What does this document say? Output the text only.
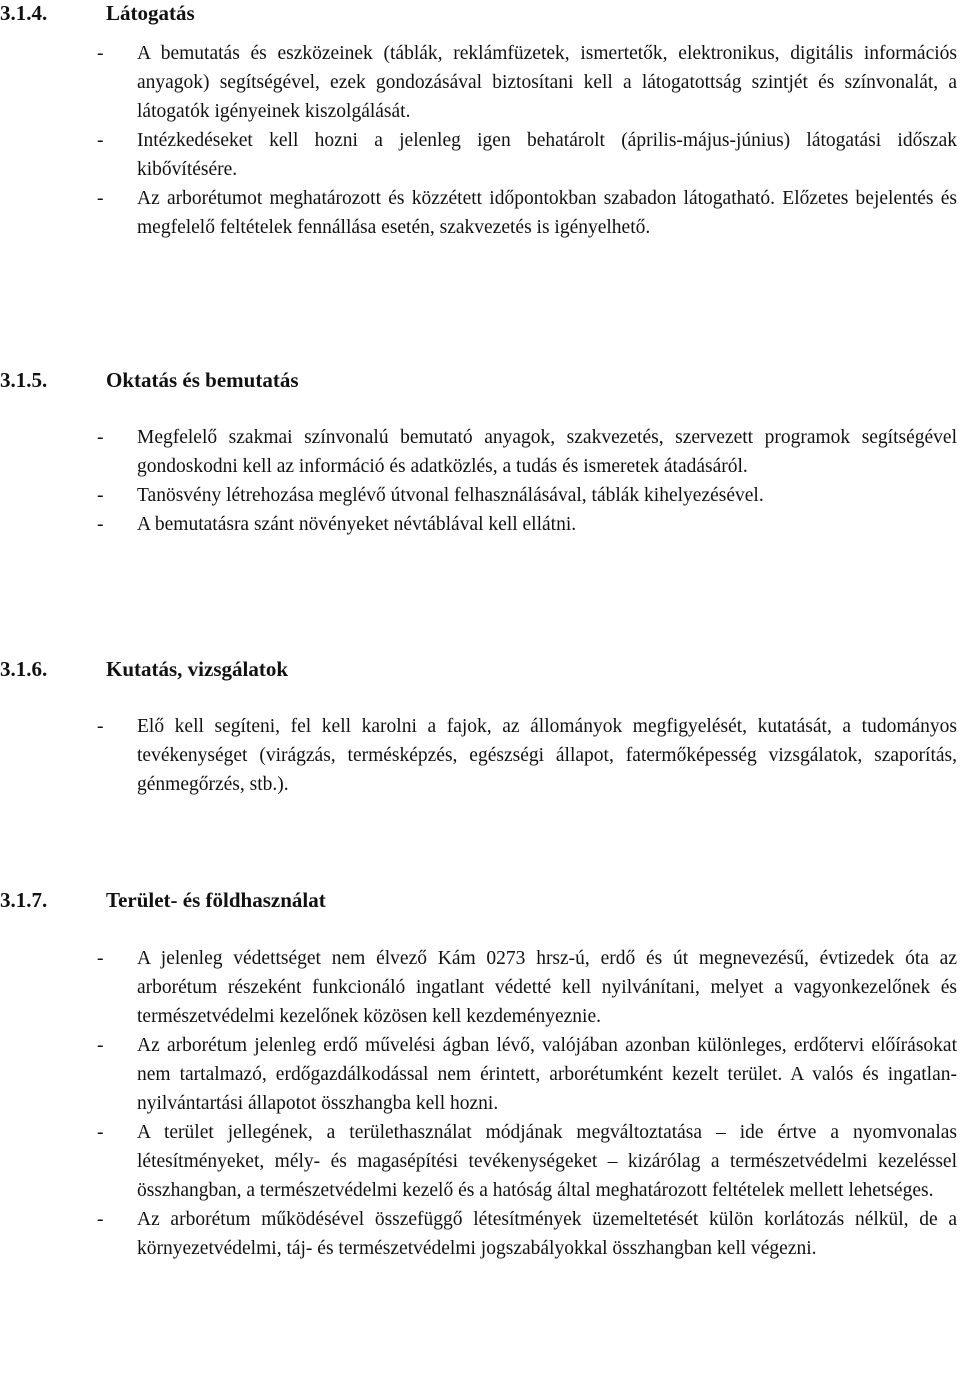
3.1.4.	Látogatás
- A bemutatás és eszközeinek (táblák, reklámfüzetek, ismertetők, elektronikus, digitális információs anyagok) segítségével, ezek gondozásával biztosítani kell a látogatottság szintjét és színvonalát, a látogatók igényeinek kiszolgálását.
- Intézkedéseket kell hozni a jelenleg igen behatárolt (április-május-június) látogatási időszak kibővítésére.
- Az arborétumot meghatározott és közzétett időpontokban szabadon látogatható. Előzetes bejelentés és megfelelő feltételek fennállása esetén, szakvezetés is igényelhető.
3.1.5.	Oktatás és bemutatás
- Megfelelő szakmai színvonalú bemutató anyagok, szakvezetés, szervezett programok segítségével gondoskodni kell az információ és adatközlés, a tudás és ismeretek átadásáról.
- Tanösvény létrehozása meglévő útvonal felhasználásával, táblák kihelyezésével.
- A bemutatásra szánt növényeket névtáblával kell ellátni.
3.1.6.	Kutatás, vizsgálatok
- Elő kell segíteni, fel kell karolni a fajok, az állományok megfigyelését, kutatását, a tudományos tevékenységet (virágzás, termésképzés, egészségi állapot, fatermőképesség vizsgálatok, szaporítás, génmegőrzés, stb.).
3.1.7.	Terület- és földhasználat
- A jelenleg védettséget nem élvező Kám 0273 hrsz-ú, erdő és út megnevezésű, évtizedek óta az arborétum részeként funkcionáló ingatlant védetté kell nyilvánítani, melyet a vagyonkezelőnek és természetvédelmi kezelőnek közösen kell kezdeményeznie.
- Az arborétum jelenleg erdő művelési ágban lévő, valójában azonban különleges, erdőtervi előírásokat nem tartalmazó, erdőgazdálkodással nem érintett, arborétumként kezelt terület. A valós és ingatlan-nyilvántartási állapotot összhangba kell hozni.
- A terület jellegének, a területhasználat módjának megváltoztatása – ide értve a nyomvonalas létesítményeket, mély- és magasépítési tevékenységeket – kizárólag a természetvédelmi kezeléssel összhangban, a természetvédelmi kezelő és a hatóság által meghatározott feltételek mellett lehetséges.
- Az arborétum működésével összefüggő létesítmények üzemeltetését külön korlátozás nélkül, de a környezetvédelmi, táj- és természetvédelmi jogszabályokkal összhangban kell végezni.
